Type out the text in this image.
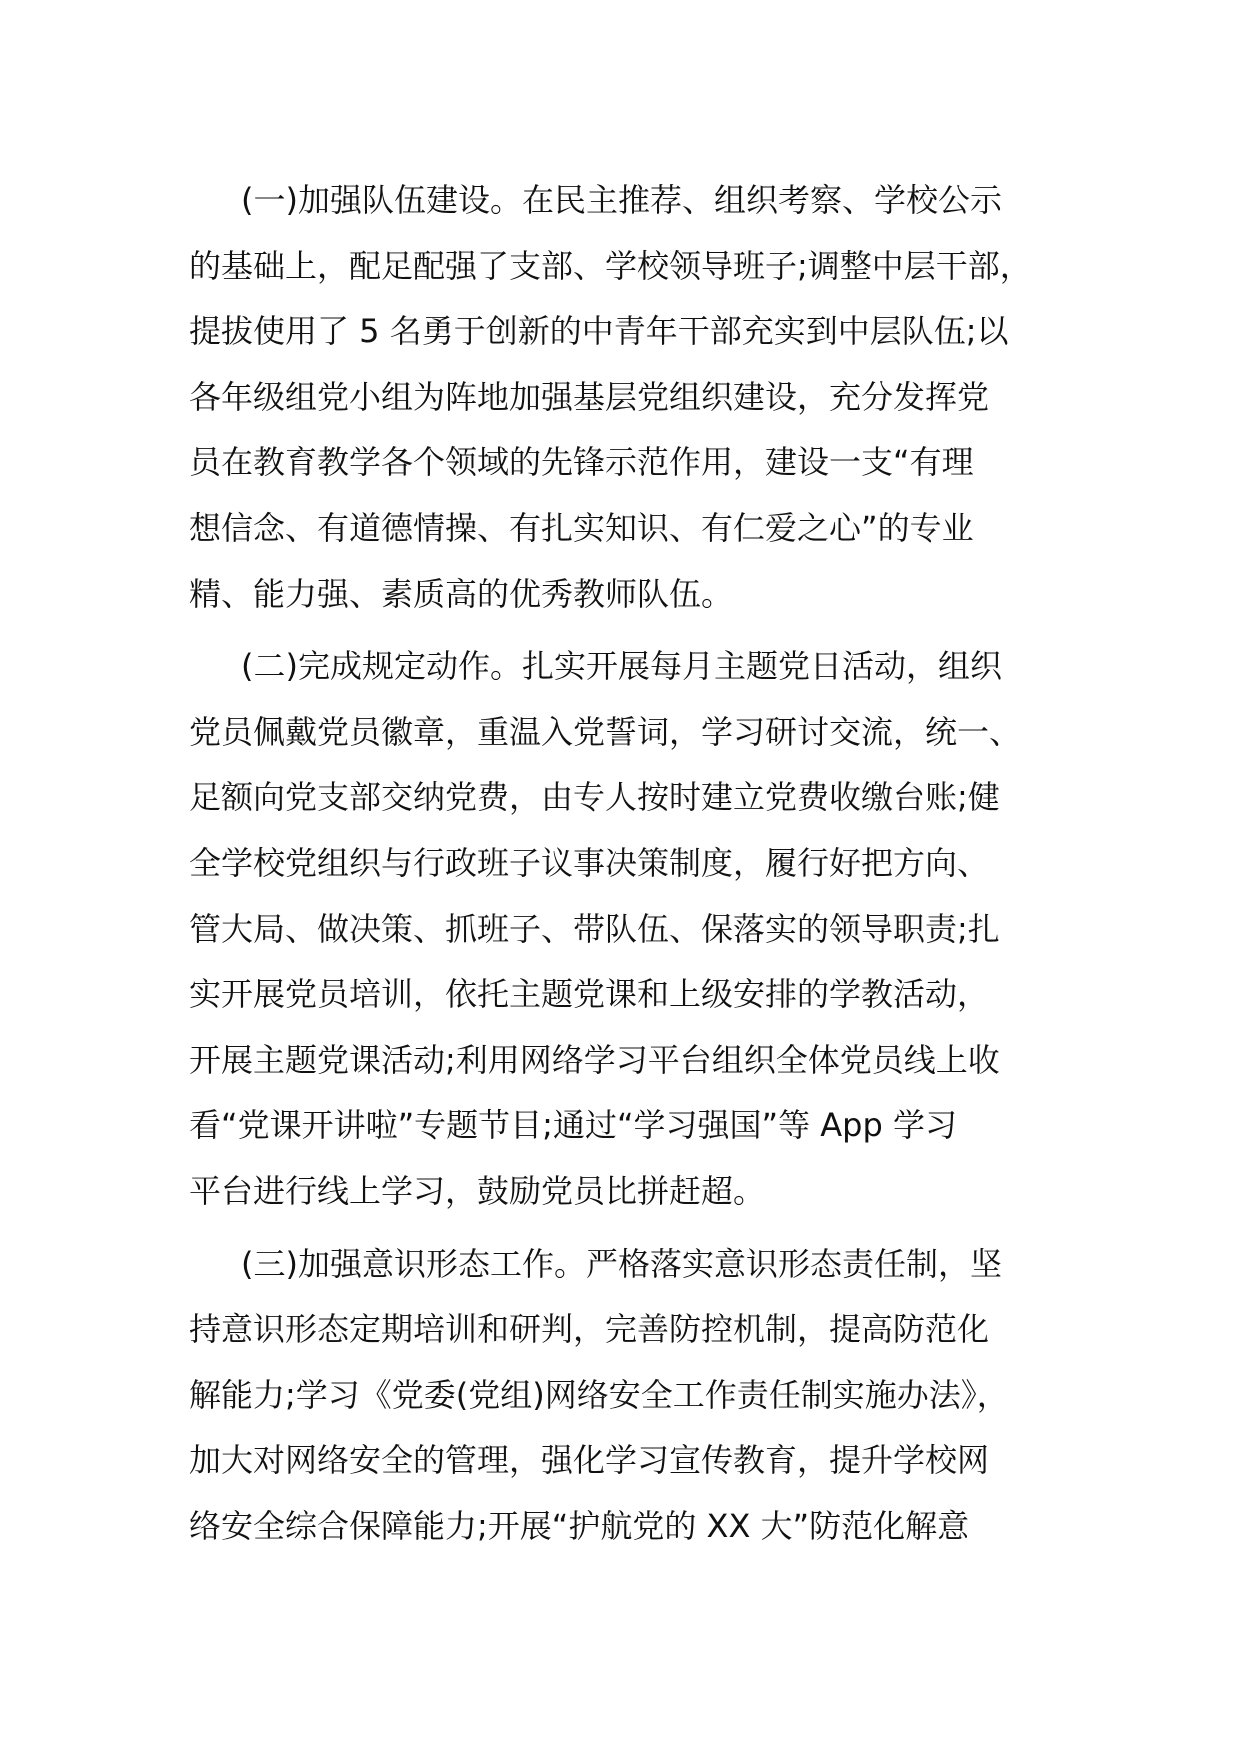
(一)加强队伍建设。在民主推荐、组织考察、学校公示
的基础上，配足配强了支部、学校领导班子;调整中层干部，
提拔使用了 5 名勇于创新的中青年干部充实到中层队伍;以
各年级组党小组为阵地加强基层党组织建设，充分发挥党
员在教育教学各个领域的先锋示范作用，建设一支“有理
想信念、有道德情操、有扎实知识、有仁爱之心”的专业
精、能力强、素质高的优秀教师队伍。
(二)完成规定动作。扎实开展每月主题党日活动，组织
党员佩戴党员徽章，重温入党誓词，学习研讨交流，统一、
足额向党支部交纳党费，由专人按时建立党费收缴台账;健
全学校党组织与行政班子议事决策制度，履行好把方向、
管大局、做决策、抓班子、带队伍、保落实的领导职责;扎
实开展党员培训，依托主题党课和上级安排的学教活动，
开展主题党课活动;利用网络学习平台组织全体党员线上收
看“党课开讲啦”专题节目;通过“学习强国”等 App 学习
平台进行线上学习，鼓励党员比拼赶超。
(三)加强意识形态工作。严格落实意识形态责任制，坚
持意识形态定期培训和研判，完善防控机制，提高防范化
解能力;学习《党委(党组)网络安全工作责任制实施办法》，
加大对网络安全的管理，强化学习宣传教育，提升学校网
络安全综合保障能力;开展“护航党的 XX 大”防范化解意
